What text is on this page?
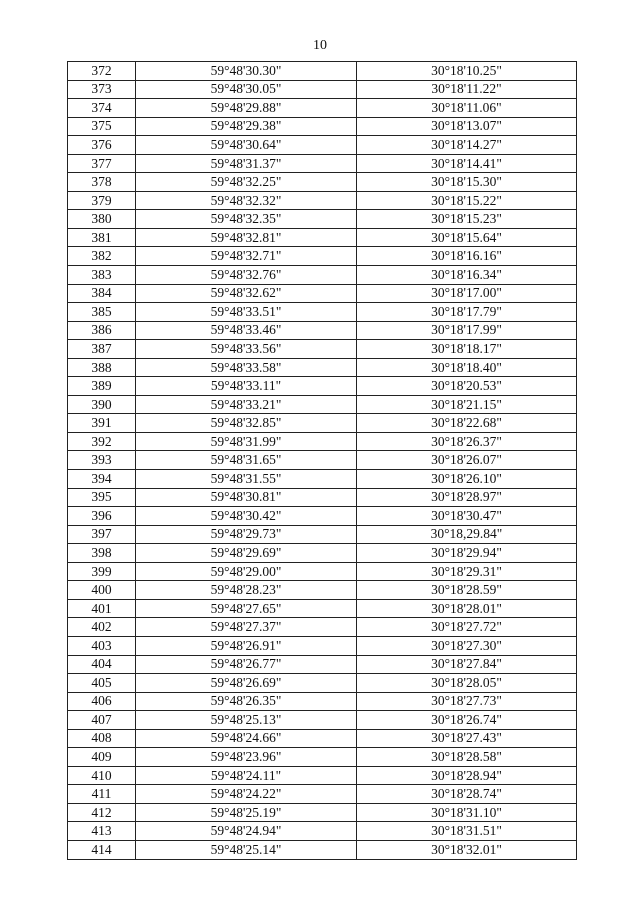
10
372	59°48'30.30"	30°18'10.25"
373	59°48'30.05"	30°18'11.22"
374	59°48'29.88"	30°18'11.06"
375	59°48'29.38"	30°18'13.07"
376	59°48'30.64"	30°18'14.27"
377	59°48'31.37"	30°18'14.41"
378	59°48'32.25"	30°18'15.30"
379	59°48'32.32"	30°18'15.22"
380	59°48'32.35"	30°18'15.23"
381	59°48'32.81"	30°18'15.64"
382	59°48'32.71"	30°18'16.16"
383	59°48'32.76"	30°18'16.34"
384	59°48'32.62"	30°18'17.00"
385	59°48'33.51"	30°18'17.79"
386	59°48'33.46"	30°18'17.99"
387	59°48'33.56"	30°18'18.17"
388	59°48'33.58"	30°18'18.40"
389	59°48'33.11"	30°18'20.53"
390	59°48'33.21"	30°18'21.15"
391	59°48'32.85"	30°18'22.68"
392	59°48'31.99"	30°18'26.37"
393	59°48'31.65"	30°18'26.07"
394	59°48'31.55"	30°18'26.10"
395	59°48'30.81"	30°18'28.97"
396	59°48'30.42"	30°18'30.47"
397	59°48'29.73"	30°18,29.84"
398	59°48'29.69"	30°18'29.94"
399	59°48'29.00"	30°18'29.31"
400	59°48'28.23"	30°18'28.59"
401	59°48'27.65"	30°18'28.01"
402	59°48'27.37"	30°18'27.72"
403	59°48'26.91"	30°18'27.30"
404	59°48'26.77"	30°18'27.84"
405	59°48'26.69"	30°18'28.05"
406	59°48'26.35"	30°18'27.73"
407	59°48'25.13"	30°18'26.74"
408	59°48'24.66"	30°18'27.43"
409	59°48'23.96"	30°18'28.58"
410	59°48'24.11"	30°18'28.94"
411	59°48'24.22"	30°18'28.74"
412	59°48'25.19"	30°18'31.10"
413	59°48'24.94"	30°18'31.51"
414	59°48'25.14"	30°18'32.01"
